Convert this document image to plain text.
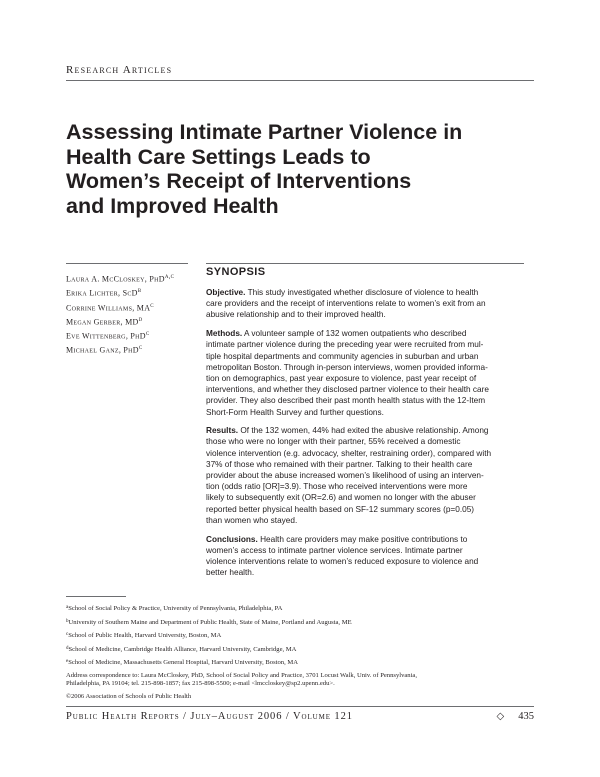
Research Articles
Assessing Intimate Partner Violence in
Health Care Settings Leads to
Women’s Receipt of Interventions
and Improved Health
Laura A. McCloskey, PhD$^{a,c}$
Erika Lichter, ScD$^b$
Corrine Williams, $MA^c$
Megan Gerber, $MD^d$
Eve Wittenberg, PhD$^c$
Michael Ganz, PhD$^c$
SYNOPSIS

Objective. This study investigated whether disclosure of violence to health
care providers and the receipt of interventions relate to women’s exit from an
abusive relationship and to their improved health.

Methods. A volunteer sample of 132 women outpatients who described
intimate partner violence during the preceding year were recruited from mul-
tiple hospital departments and community agencies in suburban and urban
metropolitan Boston. Through in-person interviews, women provided informa-
tion on demographics, past year exposure to violence, past year receipt of
interventions, and whether they disclosed partner violence to their health care
provider. They also described their past month health status with the 12-Item
Short-Form Health Survey and further questions.

Results. Of the 132 women, 44% had exited the abusive relationship. Among
those who were no longer with their partner, 55% received a domestic
violence intervention (e.g. advocacy, shelter, restraining order), compared with
37% of those who remained with their partner. Talking to their health care
provider about the abuse increased women’s likelihood of using an interven-
tion (odds ratio [OR]=3.9). Those who received interventions were more
likely to subsequently exit (OR=2.6) and women no longer with the abuser
reported better physical health based on SF-12 summary scores (p=0.05)
than women who stayed.

Conclusions. Health care providers may make positive contributions to
women’s access to intimate partner violence services. Intimate partner
violence interventions relate to women’s reduced exposure to violence and
better health.

$^a$School of Social Policy & Practice, University of Pennsylvania, Philadelphia, PA
$^b$University of Southern Maine and Department of Public Health, State of Maine, Portland and Augusta, ME
$^c$School of Public Health, Harvard University, Boston, MA
$^d$School of Medicine, Cambridge Health Alliance, Harvard University, Cambridge, MA
$^e$School of Medicine, Massachusetts General Hospital, Harvard University, Boston, MA
Address correspondence to: Laura McCloskey, PhD, School of Social Policy and Practice, 3701 Locust Walk, Univ. of Pennsylvania,
Philadelphia, PA 19104; tel. 215-898-1857; fax 215-898-5500; e-mail <lmccloskey@sp2.upenn.edu>.
©2006 Association of Schools of Public Health
Public Health Reports / July–August 2006 / Volume 121	◇ 435
